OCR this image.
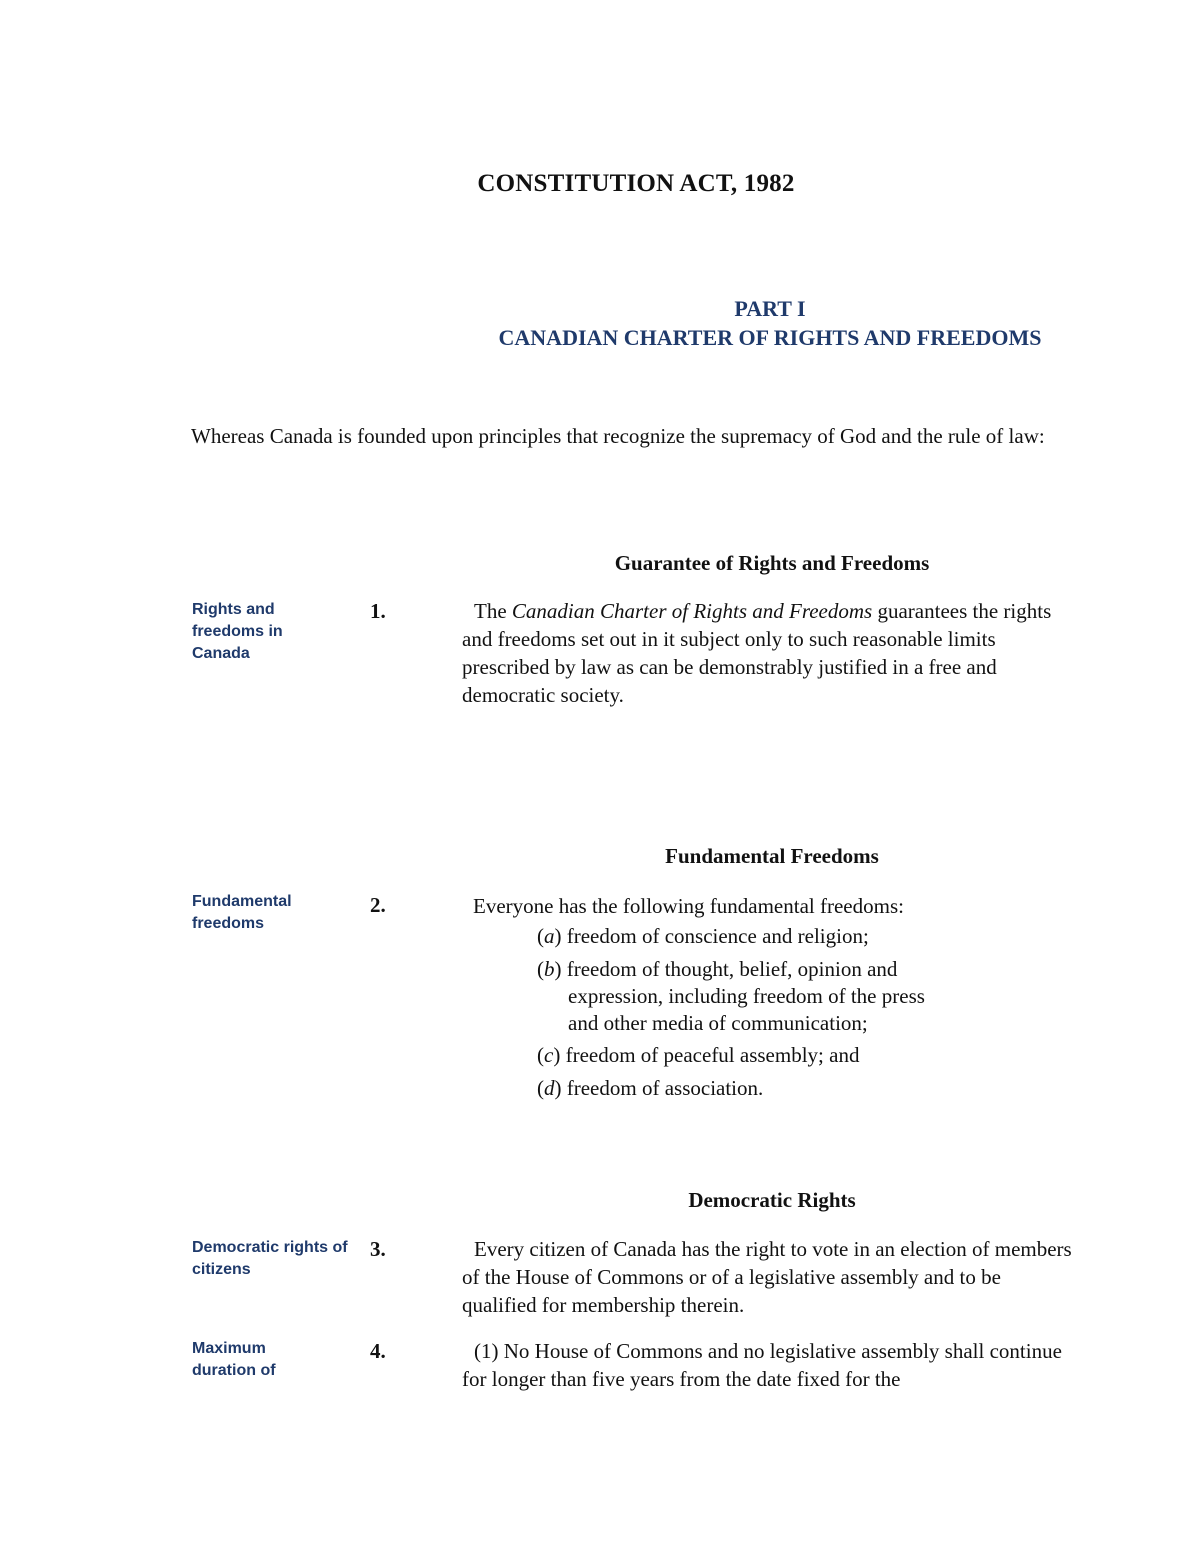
CONSTITUTION ACT, 1982
PART I
CANADIAN CHARTER OF RIGHTS AND FREEDOMS
Whereas Canada is founded upon principles that recognize the supremacy of God and the rule of law:
Guarantee of Rights and Freedoms
Rights and freedoms in Canada
1.	The Canadian Charter of Rights and Freedoms guarantees the rights and freedoms set out in it subject only to such reasonable limits prescribed by law as can be demonstrably justified in a free and democratic society.
Fundamental Freedoms
Fundamental freedoms
2.	Everyone has the following fundamental freedoms:
(a) freedom of conscience and religion;
(b) freedom of thought, belief, opinion and
expression, including freedom of the press
and other media of communication;
(c) freedom of peaceful assembly; and
(d) freedom of association.
Democratic Rights
Democratic rights of citizens
3.	Every citizen of Canada has the right to vote in an election of members of the House of Commons or of a legislative assembly and to be qualified for membership therein.
Maximum duration of
4.	(1) No House of Commons and no legislative assembly shall continue for longer than five years from the date fixed for the
